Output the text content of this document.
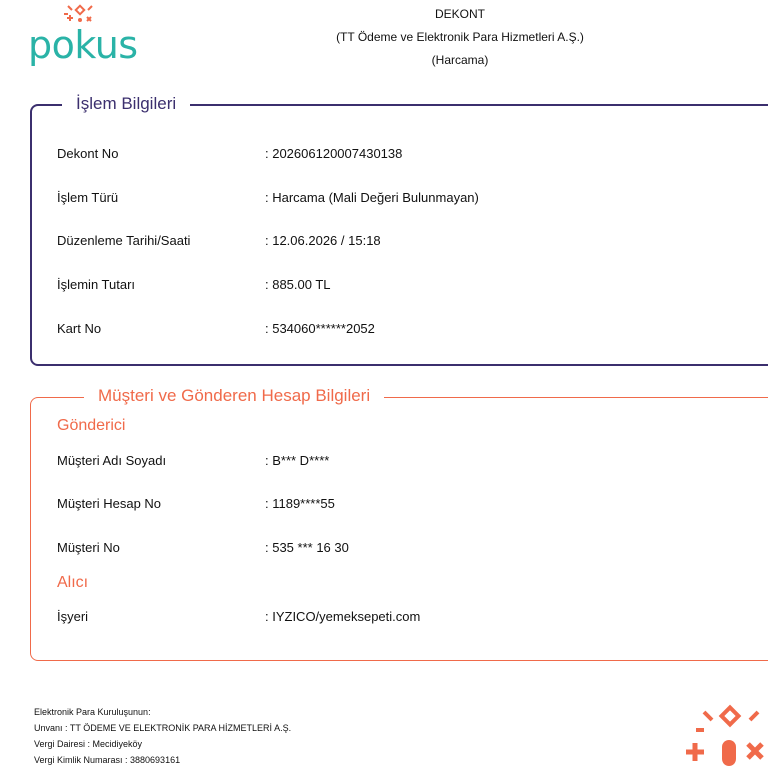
pokus
DEKONT
(TT Ödeme ve Elektronik Para Hizmetleri A.Ş.)
(Harcama)
İşlem Bilgileri
Dekont No	: 202606120007430138
İşlem Türü	: Harcama (Mali Değeri Bulunmayan)
Düzenleme Tarihi/Saati	: 12.06.2026 / 15:18
İşlemin Tutarı	: 885.00 TL
Kart No	: 534060******2052
Müşteri ve Gönderen Hesap Bilgileri
Gönderici
Müşteri Adı Soyadı	: B*** D****
Müşteri Hesap No	: 1189****55
Müşteri No	: 535 *** 16 30
Alıcı
İşyeri	: IYZICO/yemeksepeti.com
Elektronik Para Kuruluşunun:
Unvanı : TT ÖDEME VE ELEKTRONİK PARA HİZMETLERİ A.Ş.
Vergi Dairesi : Mecidiyeköy
Vergi Kimlik Numarası : 3880693161
